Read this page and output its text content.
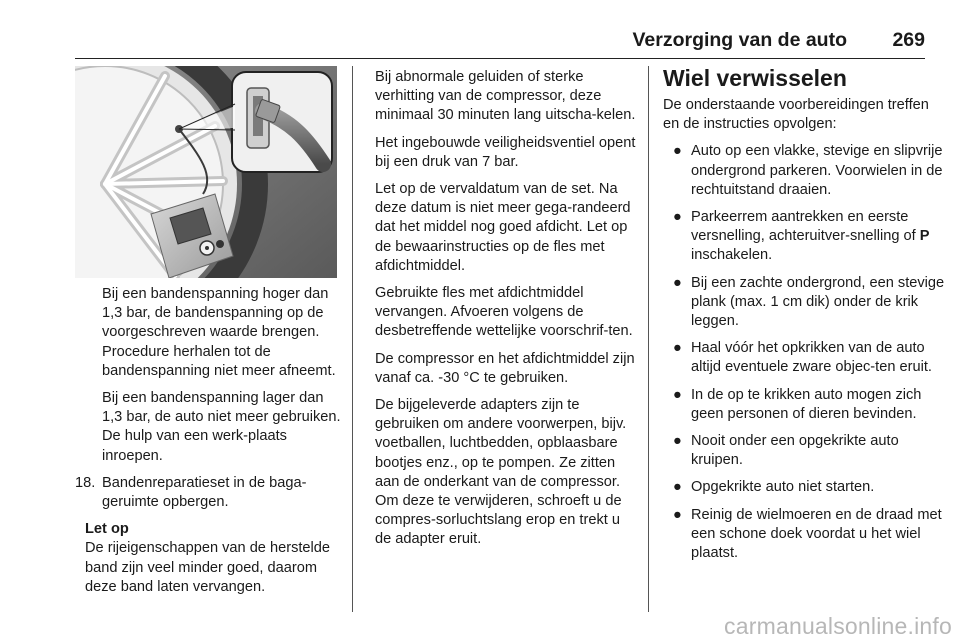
Verzorging van de auto 269

Bij een bandenspanning hoger dan 1,3 bar, de bandenspanning op de voorgeschreven waarde brengen. Procedure herhalen tot de bandenspanning niet meer afneemt.

Bij een bandenspanning lager dan 1,3 bar, de auto niet meer gebruiken. De hulp van een werk‐plaats inroepen.

18. Bandenreparatieset in de baga‐geruimte opbergen.
Let op
De rijeigenschappen van de herstelde band zijn veel minder goed, daarom deze band laten vervangen.

Bij abnormale geluiden of sterke verhitting van de compressor, deze minimaal 30 minuten lang uitscha‐kelen.

Het ingebouwde veiligheidsventiel opent bij een druk van 7 bar.

Let op de vervaldatum van de set. Na deze datum is niet meer gega‐randeerd dat het middel nog goed afdicht. Let op de bewaarinstructies op de fles met afdichtmiddel.

Gebruikte fles met afdichtmiddel vervangen. Afvoeren volgens de desbetreffende wettelijke voorschrif‐ten.

De compressor en het afdichtmiddel zijn vanaf ca. -30 °C te gebruiken.

De bijgeleverde adapters zijn te gebruiken om andere voorwerpen, bijv. voetballen, luchtbedden, opblaasbare bootjes enz., op te pompen. Ze zitten aan de onderkant van de compressor. Om deze te verwijderen, schroeft u de compres‐sorluchtslang erop en trekt u de adapter eruit.

Wiel verwisselen

De onderstaande voorbereidingen treffen en de instructies opvolgen:

● Auto op een vlakke, stevige en slipvrije ondergrond parkeren. Voorwielen in de rechtuitstand draaien.
● Parkeerrem aantrekken en eerste versnelling, achteruitver‐snelling of P inschakelen.
● Bij een zachte ondergrond, een stevige plank (max. 1 cm dik) onder de krik leggen.
● Haal vóór het opkrikken van de auto altijd eventuele zware objec‐ten eruit.
● In de op te krikken auto mogen zich geen personen of dieren bevinden.
● Nooit onder een opgekrikte auto kruipen.
● Opgekrikte auto niet starten.
● Reinig de wielmoeren en de draad met een schone doek voordat u het wiel plaatst.
carmanualsonline.info
